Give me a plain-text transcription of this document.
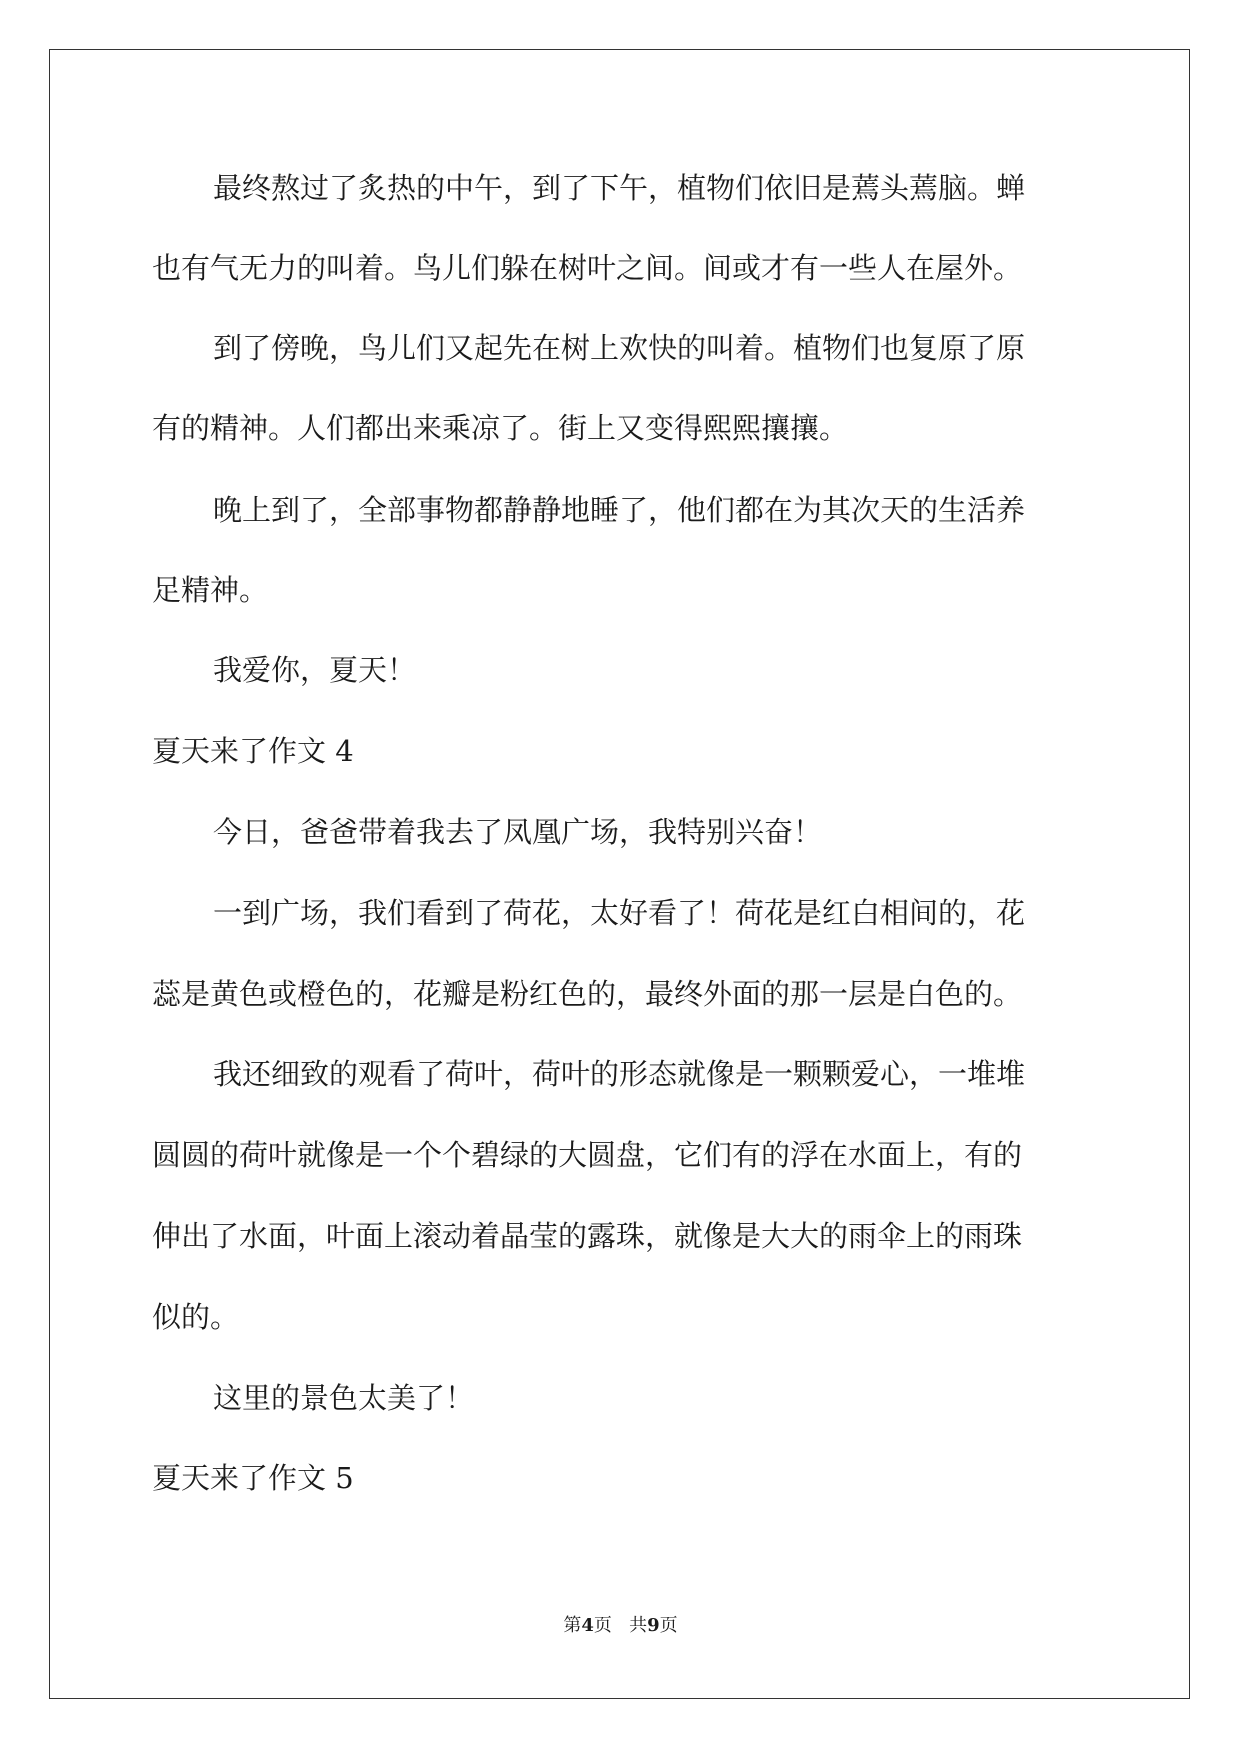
最终熬过了炙热的中午，到了下午，植物们依旧是蔫头蔫脑。蝉

也有气无力的叫着。鸟儿们躲在树叶之间。间或才有一些人在屋外。

到了傍晚，鸟儿们又起先在树上欢快的叫着。植物们也复原了原

有的精神。人们都出来乘凉了。街上又变得熙熙攘攘。

晚上到了，全部事物都静静地睡了，他们都在为其次天的生活养

足精神。

我爱你，夏天！

夏天来了作文 4

今日，爸爸带着我去了凤凰广场，我特别兴奋！

一到广场，我们看到了荷花，太好看了！荷花是红白相间的，花

蕊是黄色或橙色的，花瓣是粉红色的，最终外面的那一层是白色的。

我还细致的观看了荷叶，荷叶的形态就像是一颗颗爱心，一堆堆

圆圆的荷叶就像是一个个碧绿的大圆盘，它们有的浮在水面上，有的

伸出了水面，叶面上滚动着晶莹的露珠，就像是大大的雨伞上的雨珠

似的。

这里的景色太美了！

夏天来了作文 5

第4页   共9页
